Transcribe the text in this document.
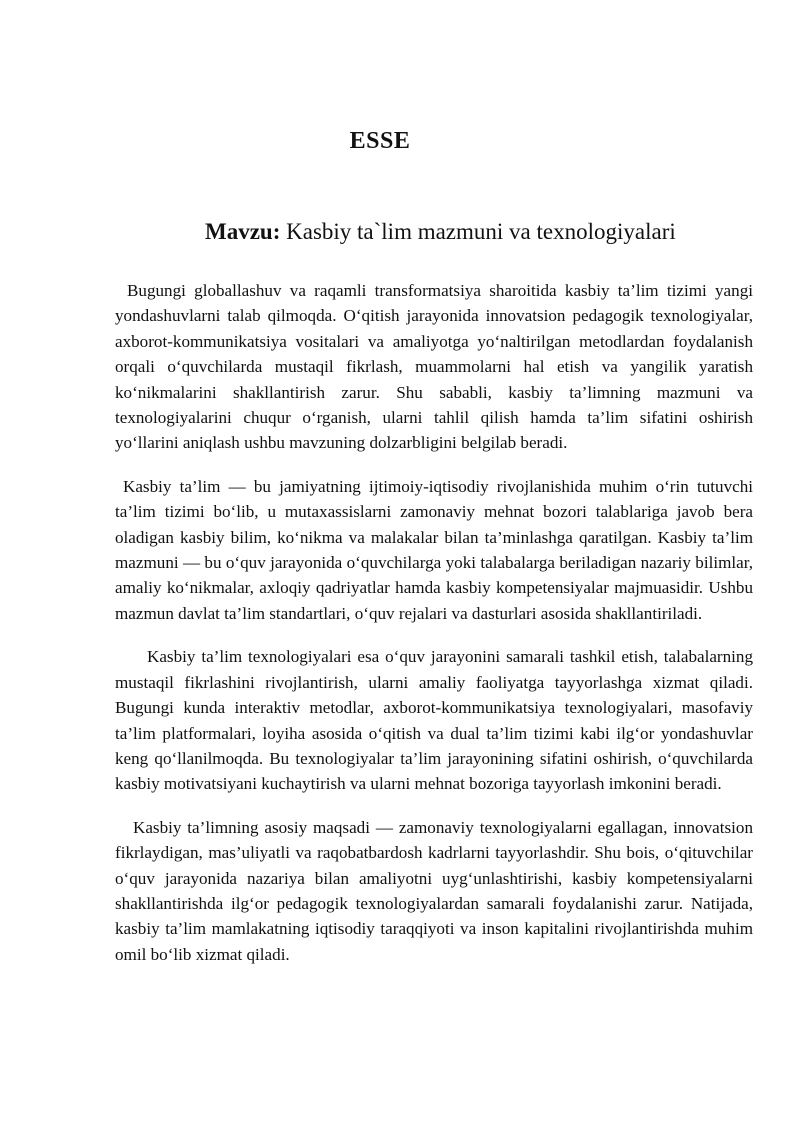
ESSE

Mavzu: Kasbiy ta`lim mazmuni va texnologiyalari

Bugungi globallashuv va raqamli transformatsiya sharoitida kasbiy ta’lim tizimi yangi yondashuvlarni talab qilmoqda. O‘qitish jarayonida innovatsion pedagogik texnologiyalar, axborot-kommunikatsiya vositalari va amaliyotga yo‘naltirilgan metodlardan foydalanish orqali o‘quvchilarda mustaqil fikrlash, muammolarni hal etish va yangilik yaratish ko‘nikmalarini shakllantirish zarur. Shu sababli, kasbiy ta’limning mazmuni va texnologiyalarini chuqur o‘rganish, ularni tahlil qilish hamda ta’lim sifatini oshirish yo‘llarini aniqlash ushbu mavzuning dolzarbligini belgilab beradi.

Kasbiy ta’lim — bu jamiyatning ijtimoiy-iqtisodiy rivojlanishida muhim o‘rin tutuvchi ta’lim tizimi bo‘lib, u mutaxassislarni zamonaviy mehnat bozori talablariga javob bera oladigan kasbiy bilim, ko‘nikma va malakalar bilan ta’minlashga qaratilgan. Kasbiy ta’lim mazmuni — bu o‘quv jarayonida o‘quvchilarga yoki talabalarga beriladigan nazariy bilimlar, amaliy ko‘nikmalar, axloqiy qadriyatlar hamda kasbiy kompetensiyalar majmuasidir. Ushbu mazmun davlat ta’lim standartlari, o‘quv rejalari va dasturlari asosida shakllantiriladi.

Kasbiy ta’lim texnologiyalari esa o‘quv jarayonini samarali tashkil etish, talabalarning mustaqil fikrlashini rivojlantirish, ularni amaliy faoliyatga tayyorlashga xizmat qiladi. Bugungi kunda interaktiv metodlar, axborot-kommunikatsiya texnologiyalari, masofaviy ta’lim platformalari, loyiha asosida o‘qitish va dual ta’lim tizimi kabi ilg‘or yondashuvlar keng qo‘llanilmoqda. Bu texnologiyalar ta’lim jarayonining sifatini oshirish, o‘quvchilarda kasbiy motivatsiyani kuchaytirish va ularni mehnat bozoriga tayyorlash imkonini beradi.

Kasbiy ta’limning asosiy maqsadi — zamonaviy texnologiyalarni egallagan, innovatsion fikrlaydigan, mas’uliyatli va raqobatbardosh kadrlarni tayyorlashdir. Shu bois, o‘qituvchilar o‘quv jarayonida nazariya bilan amaliyotni uyg‘unlashtirishi, kasbiy kompetensiyalarni shakllantirishda ilg‘or pedagogik texnologiyalardan samarali foydalanishi zarur. Natijada, kasbiy ta’lim mamlakatning iqtisodiy taraqqiyoti va inson kapitalini rivojlantirishda muhim omil bo‘lib xizmat qiladi.
